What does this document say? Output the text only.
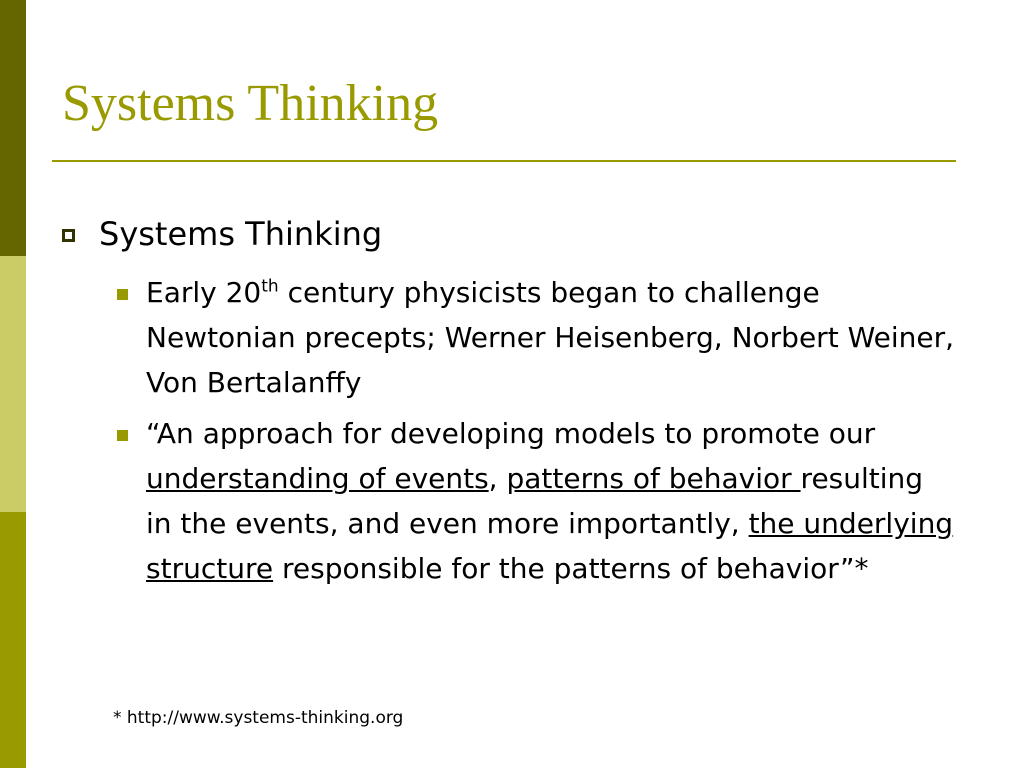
Systems Thinking
Systems Thinking
Early 20th century physicists began to challenge Newtonian precepts; Werner Heisenberg, Norbert Weiner, Von Bertalanffy
“An approach for developing models to promote our understanding of events, patterns of behavior resulting in the events, and even more importantly, the underlying structure responsible for the patterns of behavior”*
* http://www.systems-thinking.org
